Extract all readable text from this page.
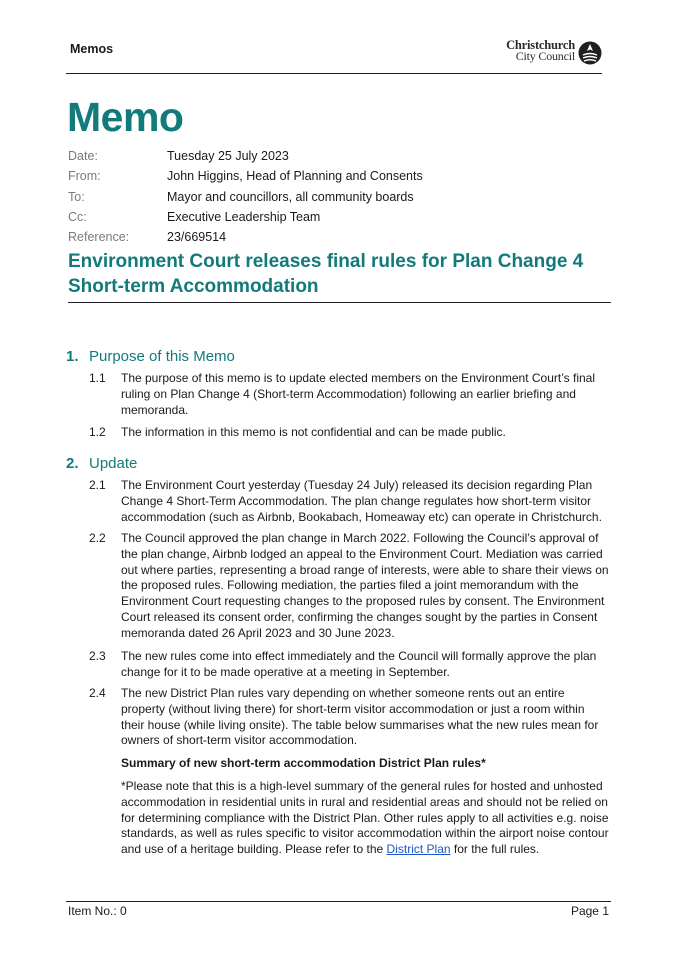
Memos	Christchurch
City Council
Memo
Date:	Tuesday 25 July 2023
From:	John Higgins, Head of Planning and Consents
To:	Mayor and councillors, all community boards
Cc:	Executive Leadership Team
Reference:	23/669514
Environment Court releases final rules for Plan Change 4
Short-term Accommodation
1. Purpose of this Memo
1.1	The purpose of this memo is to update elected members on the Environment Court’s final ruling on Plan Change 4 (Short-term Accommodation) following an earlier briefing and memoranda.
1.2	The information in this memo is not confidential and can be made public.
2. Update
2.1	The Environment Court yesterday (Tuesday 24 July) released its decision regarding Plan Change 4 Short-Term Accommodation. The plan change regulates how short-term visitor accommodation (such as Airbnb, Bookabach, Homeaway etc) can operate in Christchurch.
2.2	The Council approved the plan change in March 2022. Following the Council’s approval of the plan change, Airbnb lodged an appeal to the Environment Court. Mediation was carried out where parties, representing a broad range of interests, were able to share their views on the proposed rules. Following mediation, the parties filed a joint memorandum with the Environment Court requesting changes to the proposed rules by consent. The Environment Court released its consent order, confirming the changes sought by the parties in Consent memoranda dated 26 April 2023 and 30 June 2023.
2.3	The new rules come into effect immediately and the Council will formally approve the plan change for it to be made operative at a meeting in September.
2.4	The new District Plan rules vary depending on whether someone rents out an entire property (without living there) for short-term visitor accommodation or just a room within their house (while living onsite). The table below summarises what the new rules mean for owners of short-term visitor accommodation.
Summary of new short-term accommodation District Plan rules*
*Please note that this is a high-level summary of the general rules for hosted and unhosted accommodation in residential units in rural and residential areas and should not be relied on for determining compliance with the District Plan. Other rules apply to all activities e.g. noise standards, as well as rules specific to visitor accommodation within the airport noise contour and use of a heritage building. Please refer to the District Plan for the full rules.
Item No.: 0	Page 1
